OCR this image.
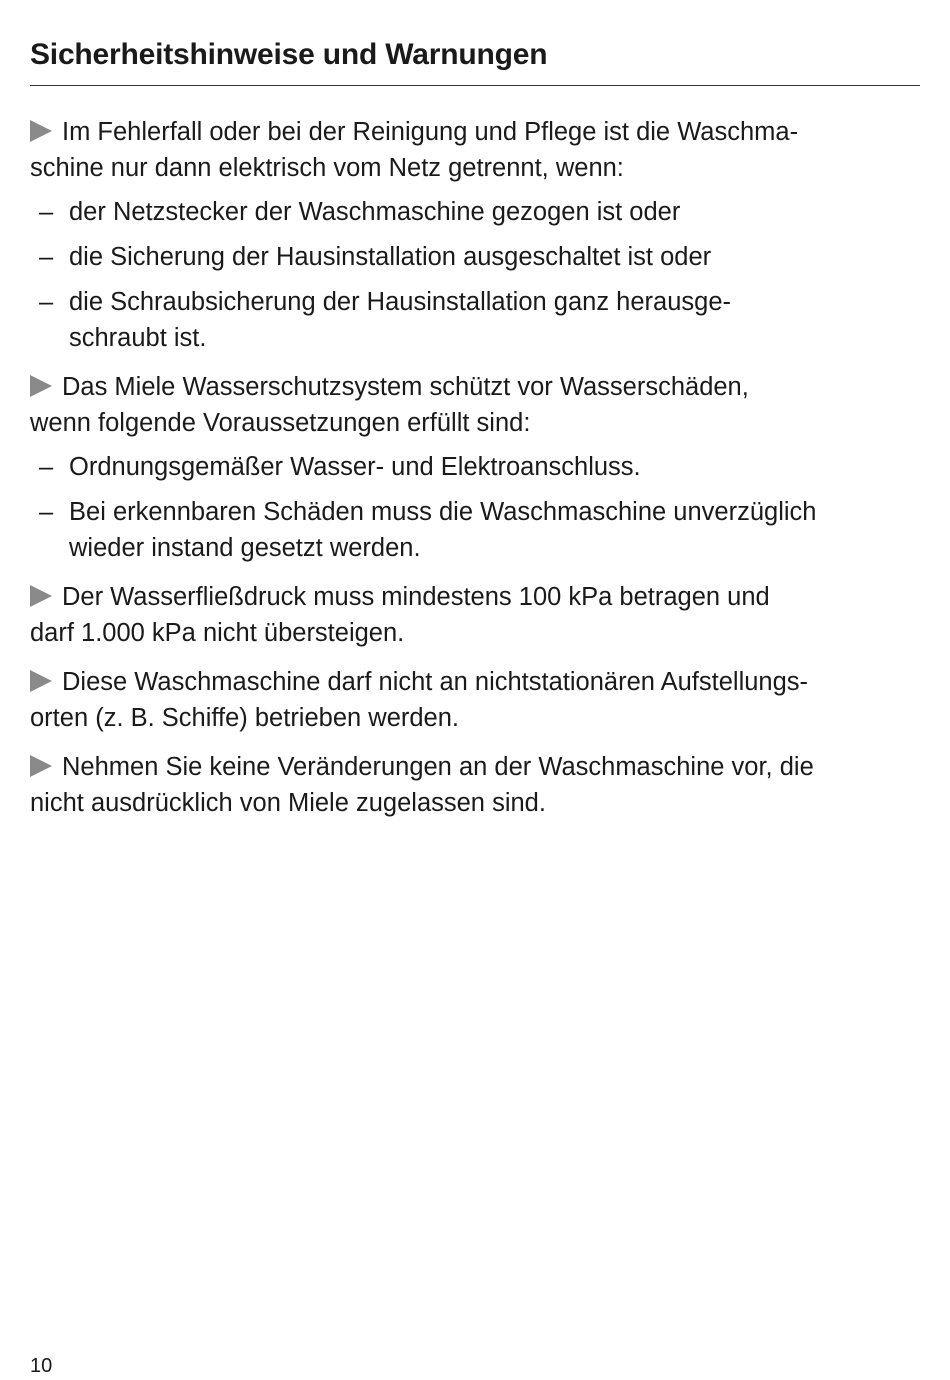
Sicherheitshinweise und Warnungen

Im Fehlerfall oder bei der Reinigung und Pflege ist die Waschma-
schine nur dann elektrisch vom Netz getrennt, wenn:

– der Netzstecker der Waschmaschine gezogen ist oder
– die Sicherung der Hausinstallation ausgeschaltet ist oder
– die Schraubsicherung der Hausinstallation ganz herausge-
schraubt ist.

Das Miele Wasserschutzsystem schützt vor Wasserschäden,
wenn folgende Voraussetzungen erfüllt sind:

– Ordnungsgemäßer Wasser- und Elektroanschluss.
– Bei erkennbaren Schäden muss die Waschmaschine unverzüglich
wieder instand gesetzt werden.

Der Wasserfließdruck muss mindestens 100 kPa betragen und
darf 1.000 kPa nicht übersteigen.

Diese Waschmaschine darf nicht an nichtstationären Aufstellungs-
orten (z. B. Schiffe) betrieben werden.

Nehmen Sie keine Veränderungen an der Waschmaschine vor, die
nicht ausdrücklich von Miele zugelassen sind.

10
